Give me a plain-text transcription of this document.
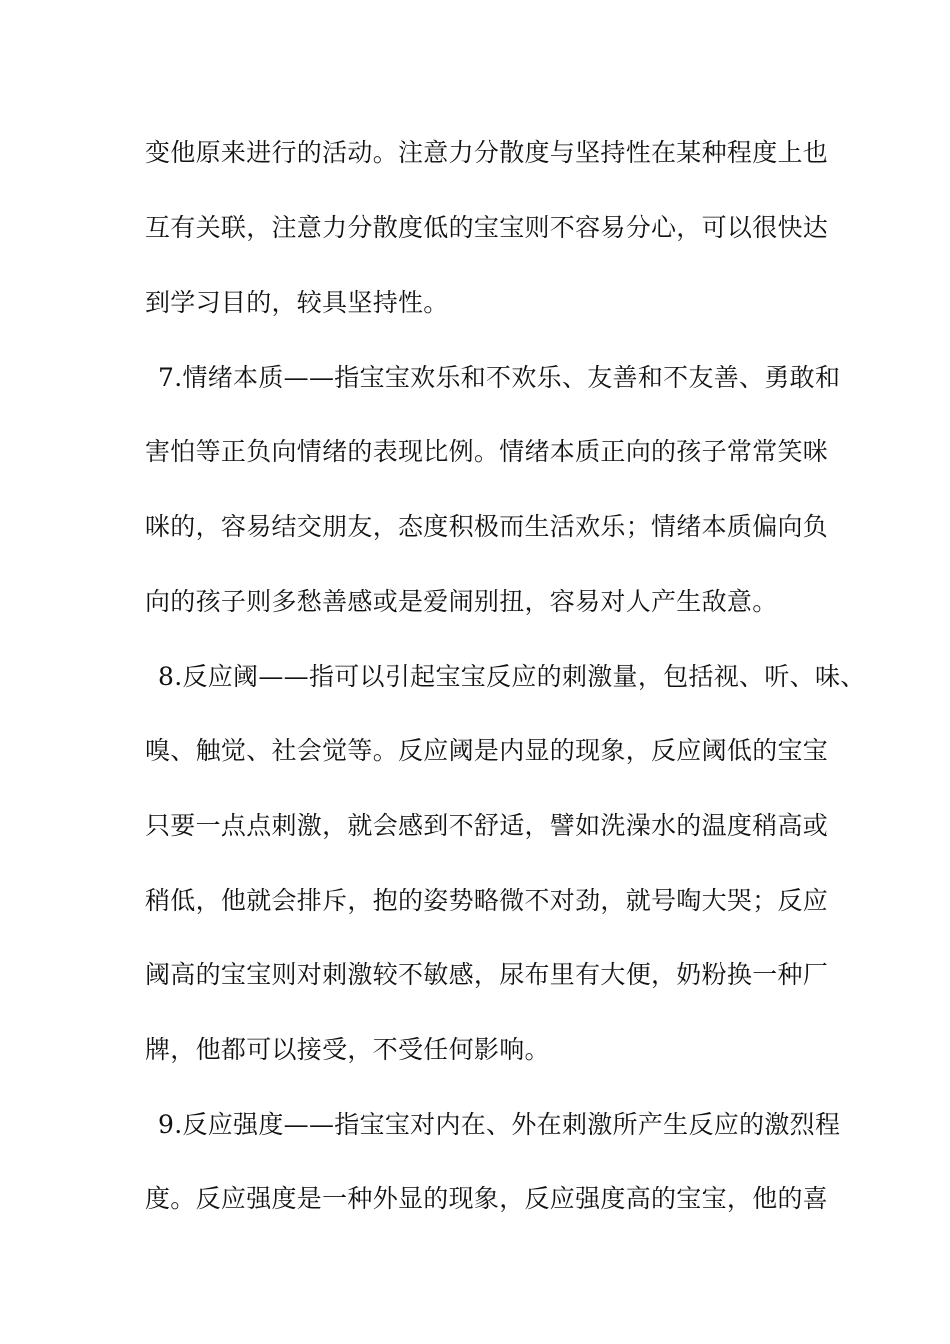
变他原来进行的活动。注意力分散度与坚持性在某种程度上也
互有关联，注意力分散度低的宝宝则不容易分心，可以很快达
到学习目的，较具坚持性。
7.情绪本质——指宝宝欢乐和不欢乐、友善和不友善、勇敢和
害怕等正负向情绪的表现比例。情绪本质正向的孩子常常笑咪
咪的，容易结交朋友，态度积极而生活欢乐；情绪本质偏向负
向的孩子则多愁善感或是爱闹别扭，容易对人产生敌意。
8.反应阈——指可以引起宝宝反应的刺激量，包括视、听、味、
嗅、触觉、社会觉等。反应阈是内显的现象，反应阈低的宝宝
只要一点点刺激，就会感到不舒适，譬如洗澡水的温度稍高或
稍低，他就会排斥，抱的姿势略微不对劲，就号啕大哭；反应
阈高的宝宝则对刺激较不敏感，尿布里有大便，奶粉换一种厂
牌，他都可以接受，不受任何影响。
9.反应强度——指宝宝对内在、外在刺激所产生反应的激烈程
度。反应强度是一种外显的现象，反应强度高的宝宝，他的喜
